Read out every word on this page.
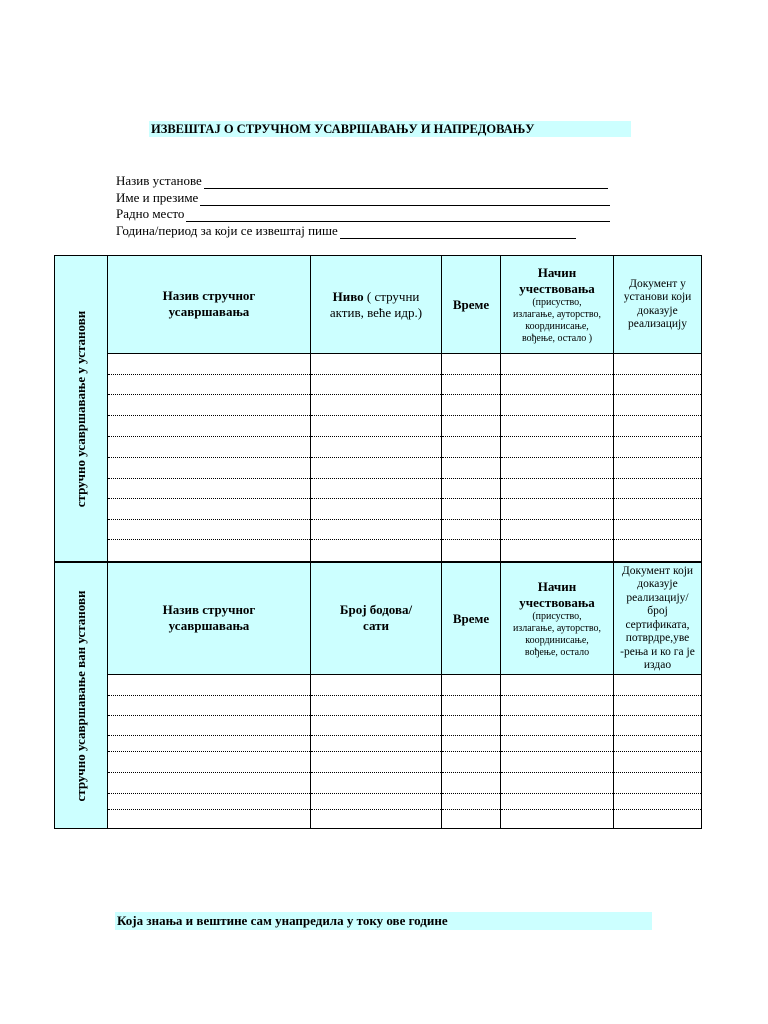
ИЗВЕШТАЈ О СТРУЧНОМ УСАВРШАВАЊУ И НАПРЕДОВАЊУ
Назив установе
Име и презиме
Радно место
Година/период за који се извештај пише
стручно усавршавање у установи	Назив стручног усавршавања	Ниво ( стручни актив, веће идр.)	Време	Начин учествовања
(присуство, излагање, ауторство, координисање, вођење, остало )	Документ у установи који доказује реализацију

стручно усавршавање ван установи	Назив стручног усавршавања	Број бодова/сати	Време	Начин учествовања
(присуство, излагање, ауторство, координисање, вођење, остало	Документ који доказује реализацију/ број сертификата, потврдре,уве -рења и ко га је издао

Која знања и вештине сам унапредила у току ове године
